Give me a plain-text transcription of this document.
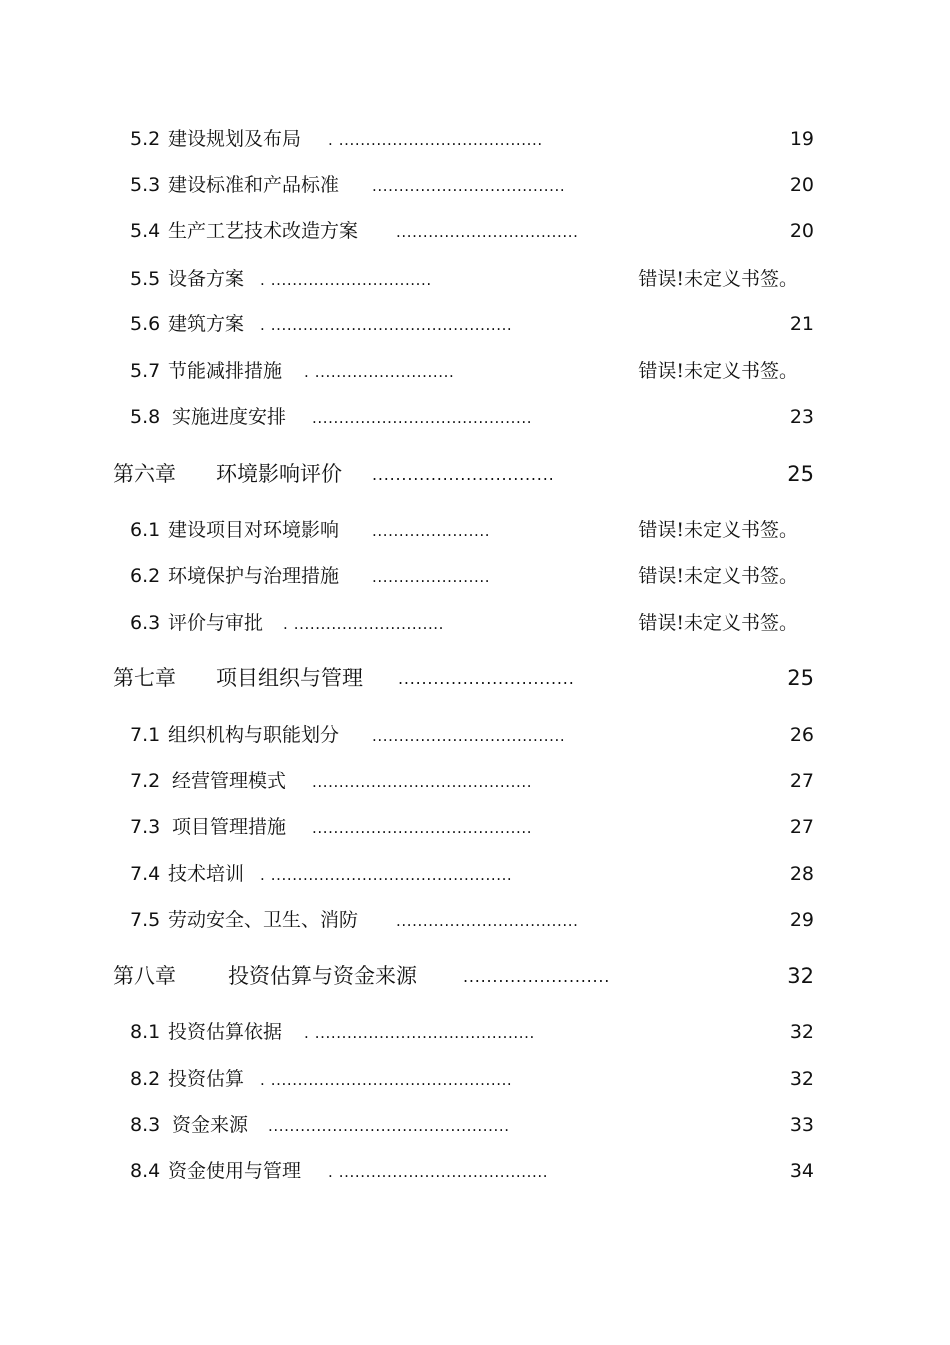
5.2 建设规划及布局 . ......................................	19
5.3 建设标准和产品标准 ....................................	20
5.4 生产工艺技术改造方案	..................................	20
5.5 设备方案 . ..............................	错误!未定义书签。
5.6 建筑方案 . .............................................	21
5.7 节能减排措施 . ..........................	错误!未定义书签。
5.8 实施进度安排 .........................................	23
第六章 环境影响评价 ...............................	25
6.1 建设项目对环境影响 ......................	错误!未定义书签。
6.2 环境保护与治理措施 ......................	错误!未定义书签。
6.3 评价与审批 . ............................	错误!未定义书签。
第七章 项目组织与管理 ..............................	25
7.1 组织机构与职能划分 ....................................	26
7.2 经营管理模式 .........................................	27
7.3 项目管理措施 .........................................	27
7.4 技术培训 . .............................................	28
7.5 劳动安全、卫生、消防	..................................	29
第八章 投资估算与资金来源	.........................	32
8.1 投资估算依据 . .........................................	32
8.2 投资估算 . .............................................	32
8.3 资金来源 .............................................	33
8.4 资金使用与管理 . .......................................	34
